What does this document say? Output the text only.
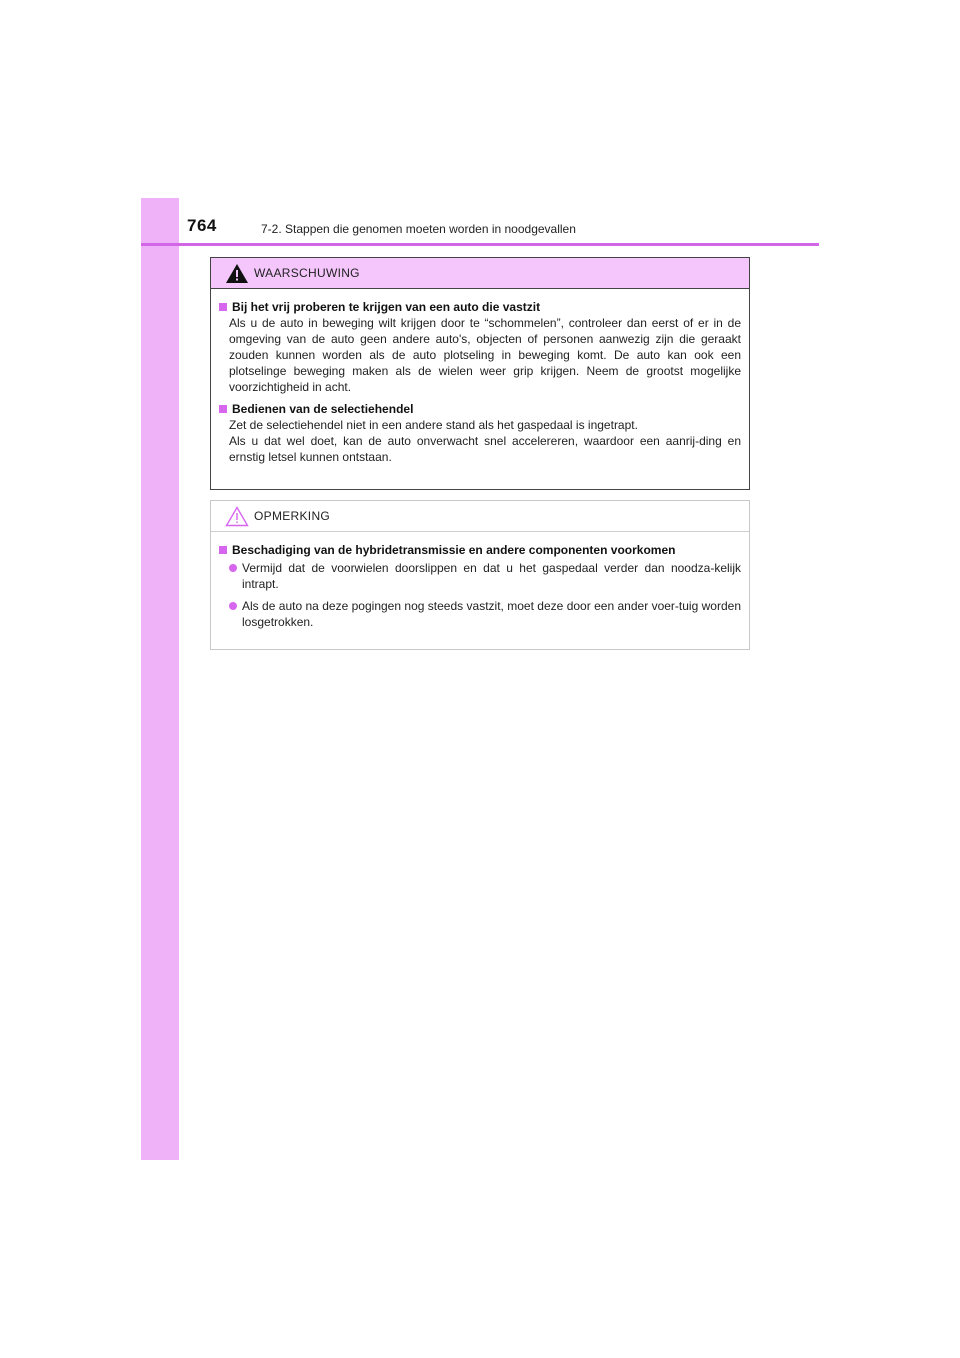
764	7-2. Stappen die genomen moeten worden in noodgevallen
WAARSCHUWING
Bij het vrij proberen te krijgen van een auto die vastzit
Als u de auto in beweging wilt krijgen door te “schommelen”, controleer dan eerst of er in de omgeving van de auto geen andere auto's, objecten of personen aanwezig zijn die geraakt zouden kunnen worden als de auto plotseling in beweging komt. De auto kan ook een plotselinge beweging maken als de wielen weer grip krijgen. Neem de grootst mogelijke voorzichtigheid in acht.
Bedienen van de selectiehendel
Zet de selectiehendel niet in een andere stand als het gaspedaal is ingetrapt.
Als u dat wel doet, kan de auto onverwacht snel accelereren, waardoor een aanrij-ding en ernstig letsel kunnen ontstaan.
OPMERKING
Beschadiging van de hybridetransmissie en andere componenten voorkomen
Vermijd dat de voorwielen doorslippen en dat u het gaspedaal verder dan noodza-kelijk intrapt.
Als de auto na deze pogingen nog steeds vastzit, moet deze door een ander voer-tuig worden losgetrokken.
